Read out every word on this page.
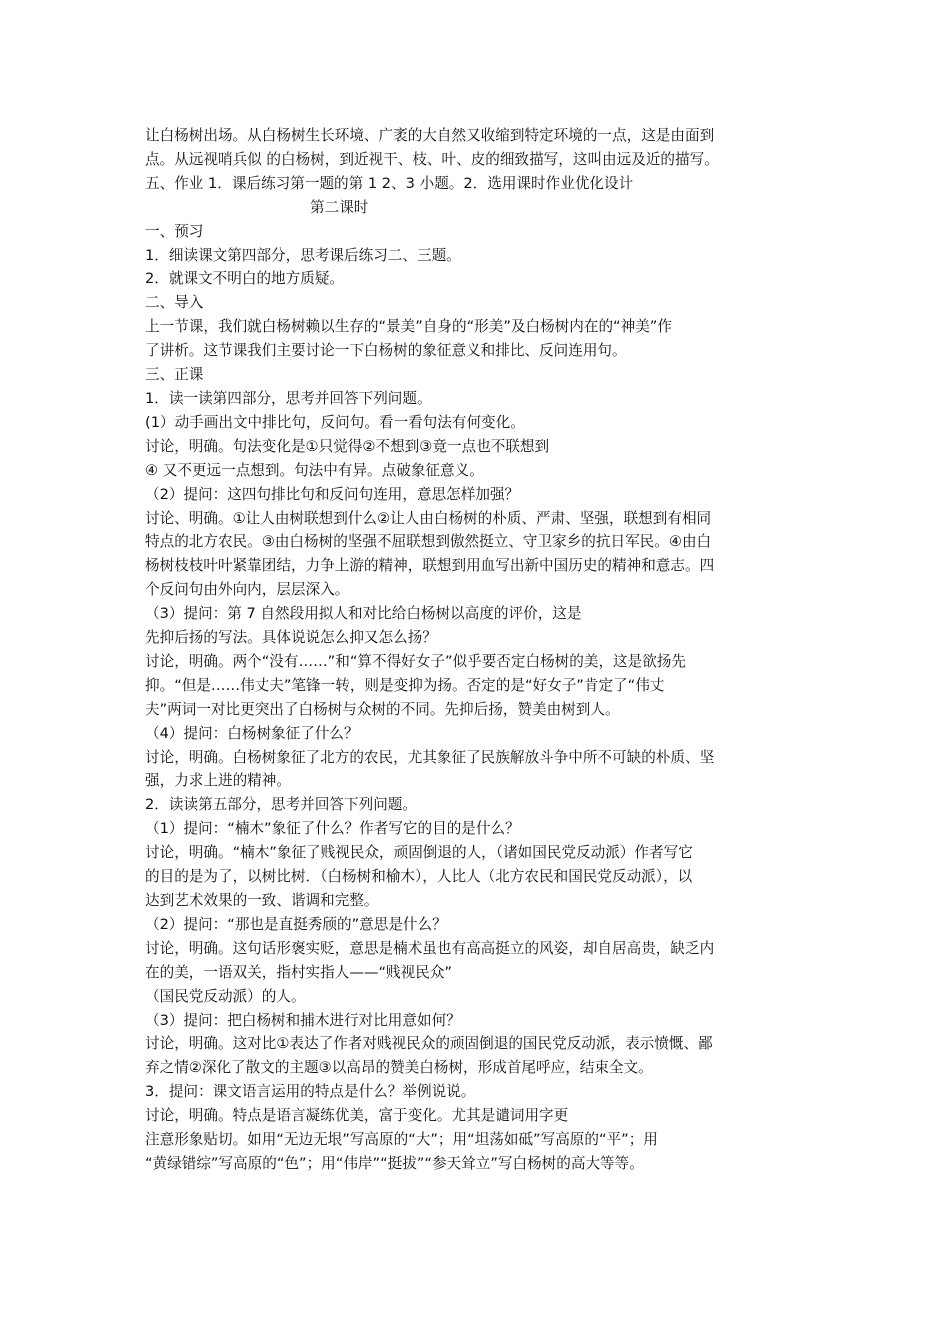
让白杨树出场。从白杨树生长环境、广袤的大自然又收缩到特定环境的一点，这是由面到
点。从远视哨兵似 的白杨树，到近视干、枝、叶、皮的细致描写，这叫由远及近的描写。
五、作业 1．课后练习第一题的第 1 2、3 小题。2．选用课时作业优化设计
第二课时
一、预习
1．细读课文第四部分，思考课后练习二、三题。
2．就课文不明白的地方质疑。
二、导入
上一节课，我们就白杨树赖以生存的“景美”自身的“形美”及白杨树内在的“神美”作
了讲析。这节课我们主要讨论一下白杨树的象征意义和排比、反问连用句。
三、正课
1．读一读第四部分，思考并回答下列问题。
(1）动手画出文中排比句，反问句。看一看句法有何变化。
讨论，明确。句法变化是①只觉得②不想到③竟一点也不联想到
④ 又不更远一点想到。句法中有异。点破象征意义。
（2）提问：这四句排比句和反问句连用，意思怎样加强？
讨论、明确。①让人由树联想到什么②让人由白杨树的朴质、严肃、坚强，联想到有相同
特点的北方农民。③由白杨树的坚强不屈联想到傲然挺立、守卫家乡的抗日军民。④由白
杨树枝枝叶叶紧靠团结，力争上游的精神，联想到用血写出新中国历史的精神和意志。四
个反问句由外向内，层层深入。
（3）提问：第 7 自然段用拟人和对比给白杨树以高度的评价，这是
先抑后扬的写法。具体说说怎么抑又怎么扬？
讨论，明确。两个“没有……”和“算不得好女子”似乎要否定白杨树的美，这是欲扬先
抑。“但是……伟丈夫”笔锋一转，则是变抑为扬。否定的是“好女子”肯定了“伟丈
夫”两词一对比更突出了白杨树与众树的不同。先抑后扬，赞美由树到人。
（4）提问：白杨树象征了什么？
讨论，明确。白杨树象征了北方的农民，尤其象征了民族解放斗争中所不可缺的朴质、坚
强，力求上进的精神。
2．读读第五部分，思考并回答下列问题。
（1）提问：“楠木”象征了什么？作者写它的目的是什么？
讨论，明确。“楠木”象征了贱视民众，顽固倒退的人，（诸如国民党反动派）作者写它
的目的是为了，以树比树．（白杨树和榆木），人比人（北方农民和国民党反动派），以
达到艺术效果的一致、谐调和完整。
（2）提问：“那也是直挺秀颀的”意思是什么？
讨论，明确。这句话形褒实贬，意思是楠术虽也有高高挺立的风姿，却自居高贵，缺乏内
在的美，一语双关，指村实指人——“贱视民众”
（国民党反动派）的人。
（3）提问：把白杨树和捕木进行对比用意如何？
讨论，明确。这对比①表达了作者对贱视民众的顽固倒退的国民党反动派，表示愤慨、鄙
弃之情②深化了散文的主题③以高昂的赞美白杨树，形成首尾呼应，结束全文。
3．提问：课文语言运用的特点是什么？举例说说。
讨论，明确。特点是语言凝练优美，富于变化。尤其是谴词用字更
注意形象贴切。如用“无边无垠”写高原的“大”；用“坦荡如砥”写高原的“平”；用
“黄绿错综”写高原的“色”；用“伟岸”“挺拔”“参天耸立”写白杨树的高大等等。
